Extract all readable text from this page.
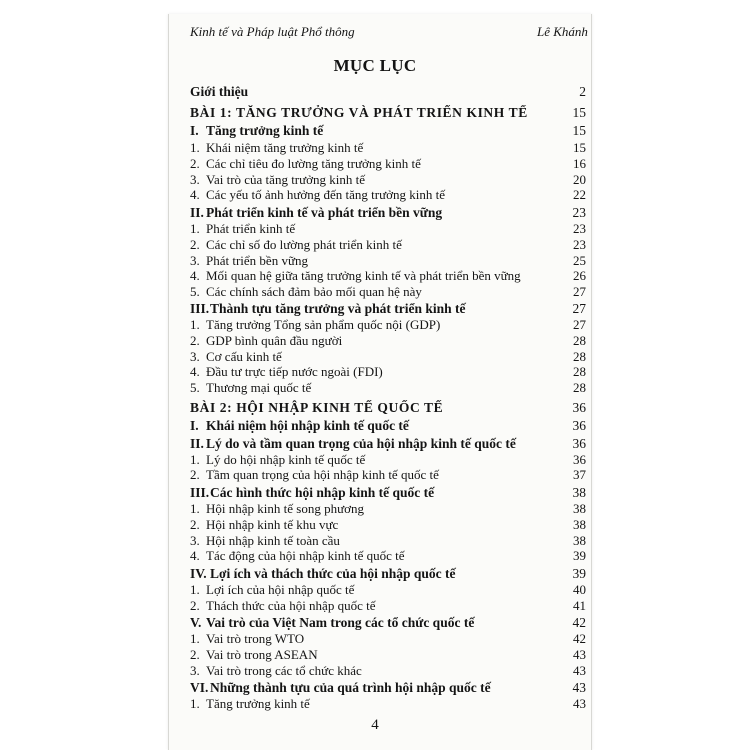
Kinh tế và Pháp luật Phổ thông	Lê Khánh
MỤC LỤC
Giới thiệu	2
BÀI 1: TĂNG TRƯỞNG VÀ PHÁT TRIỂN KINH TẾ	15
I. Tăng trưởng kinh tế	15
1. Khái niệm tăng trưởng kinh tế	15
2. Các chỉ tiêu đo lường tăng trưởng kinh tế	16
3. Vai trò của tăng trưởng kinh tế	20
4. Các yếu tố ảnh hưởng đến tăng trưởng kinh tế	22
II. Phát triển kinh tế và phát triển bền vững	23
1. Phát triển kinh tế	23
2. Các chỉ số đo lường phát triển kinh tế	23
3. Phát triển bền vững	25
4. Mối quan hệ giữa tăng trưởng kinh tế và phát triển bền vững	26
5. Các chính sách đảm bảo mối quan hệ này	27
III. Thành tựu tăng trưởng và phát triển kinh tế	27
1. Tăng trưởng Tổng sản phẩm quốc nội (GDP)	27
2. GDP bình quân đầu người	28
3. Cơ cấu kinh tế	28
4. Đầu tư trực tiếp nước ngoài (FDI)	28
5. Thương mại quốc tế	28
BÀI 2: HỘI NHẬP KINH TẾ QUỐC TẾ	36
I. Khái niệm hội nhập kinh tế quốc tế	36
II. Lý do và tầm quan trọng của hội nhập kinh tế quốc tế	36
1. Lý do hội nhập kinh tế quốc tế	36
2. Tầm quan trọng của hội nhập kinh tế quốc tế	37
III. Các hình thức hội nhập kinh tế quốc tế	38
1. Hội nhập kinh tế song phương	38
2. Hội nhập kinh tế khu vực	38
3. Hội nhập kinh tế toàn cầu	38
4. Tác động của hội nhập kinh tế quốc tế	39
IV. Lợi ích và thách thức của hội nhập quốc tế	39
1. Lợi ích của hội nhập quốc tế	40
2. Thách thức của hội nhập quốc tế	41
V. Vai trò của Việt Nam trong các tổ chức quốc tế	42
1. Vai trò trong WTO	42
2. Vai trò trong ASEAN	43
3. Vai trò trong các tổ chức khác	43
VI. Những thành tựu của quá trình hội nhập quốc tế	43
1. Tăng trưởng kinh tế	43
4
